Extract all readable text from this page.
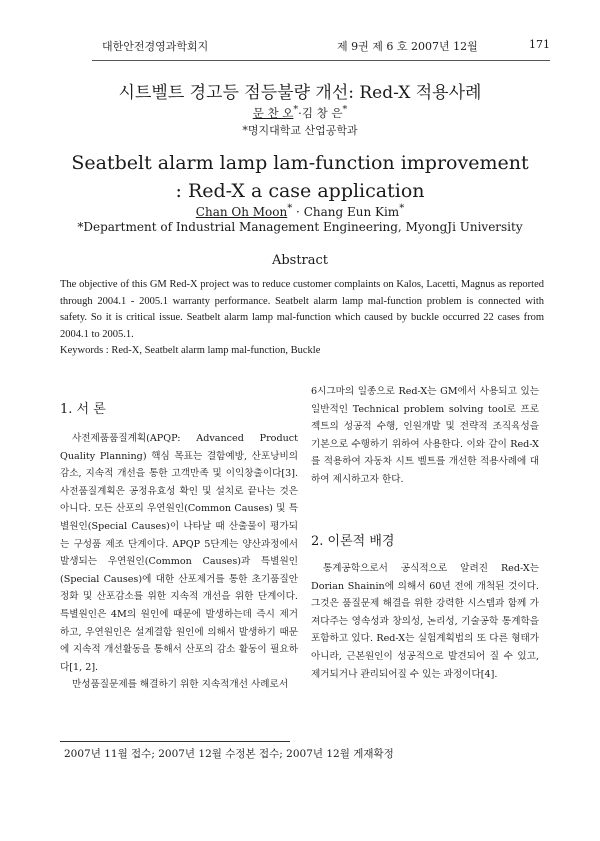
대한안전경영과학회지	제 9권 제 6 호 2007년 12월	171
시트벨트 경고등 점등불량 개선: Red-X 적용사례
문 찬 오*·김 창 은*
*명지대학교 산업공학과
Seatbelt alarm lamp lam-function improvement
: Red-X a case application
Chan Oh Moon* · Chang Eun Kim*
*Department of Industrial Management Engineering, MyongJi University
Abstract
The objective of this GM Red-X project was to reduce customer complaints on Kalos, Lacetti, Magnus as reported through 2004.1 - 2005.1 warranty performance. Seatbelt alarm lamp mal-function problem is connected with safety. So it is critical issue. Seatbelt alarm lamp mal-function which caused by buckle occurred 22 cases from 2004.1 to 2005.1.
Keywords : Red-X, Seatbelt alarm lamp mal-function, Buckle
1. 서 론

사전제품품질계획(APQP: Advanced Product Quality Planning) 핵심 목표는 결함예방, 산포낭비의 감소, 지속적 개선을 통한 고객만족 및 이익창출이다[3]. 사전품질계획은 공정유효성 확인 및 설치로 끝나는 것은 아니다. 모든 산포의 우연원인(Common Causes) 및 특별원인(Special Causes)이 나타날 때 산출물이 평가되는 구성품 제조 단계이다. APQP 5단계는 양산과정에서 발생되는 우연원인(Common Causes)과 특별원인(Special Causes)에 대한 산포제거를 통한 초기품질안정화 및 산포감소를 위한 지속적 개선을 위한 단계이다. 특별원인은 4M의 원인에 때문에 발생하는데 즉시 제거하고, 우연원인은 설계결함 원인에 의해서 발생하기 때문에 지속적 개선활동을 통해서 산포의 감소 활동이 필요하다[1, 2].

만성품질문제를 해결하기 위한 지속적개선 사례로서

6시그마의 일종으로 Red-X는 GM에서 사용되고 있는 일반적인 Technical problem solving tool로 프로젝트의 성공적 수행, 인원개발 및 전략적 조직육성을 기본으로 수행하기 위하여 사용한다. 이와 같이 Red-X를 적용하여 자동차 시트 벨트를 개선한 적용사례에 대하여 제시하고자 한다.

2. 이론적 배경

통계공학으로서 공식적으로 알려진 Red-X는 Dorian Shainin에 의해서 60년 전에 개척된 것이다. 그것은 품질문제 해결을 위한 강력한 시스템과 함께 가져다주는 영속성과 창의성, 논리성, 기술공학 통계학을 포함하고 있다. Red-X는 실험계획법의 또 다른 형태가 아니라, 근본원인이 성공적으로 발견되어 질 수 있고, 제거되거나 관리되어질 수 있는 과정이다[4].

2007년 11월 접수; 2007년 12월 수정본 접수; 2007년 12월 게재확정
